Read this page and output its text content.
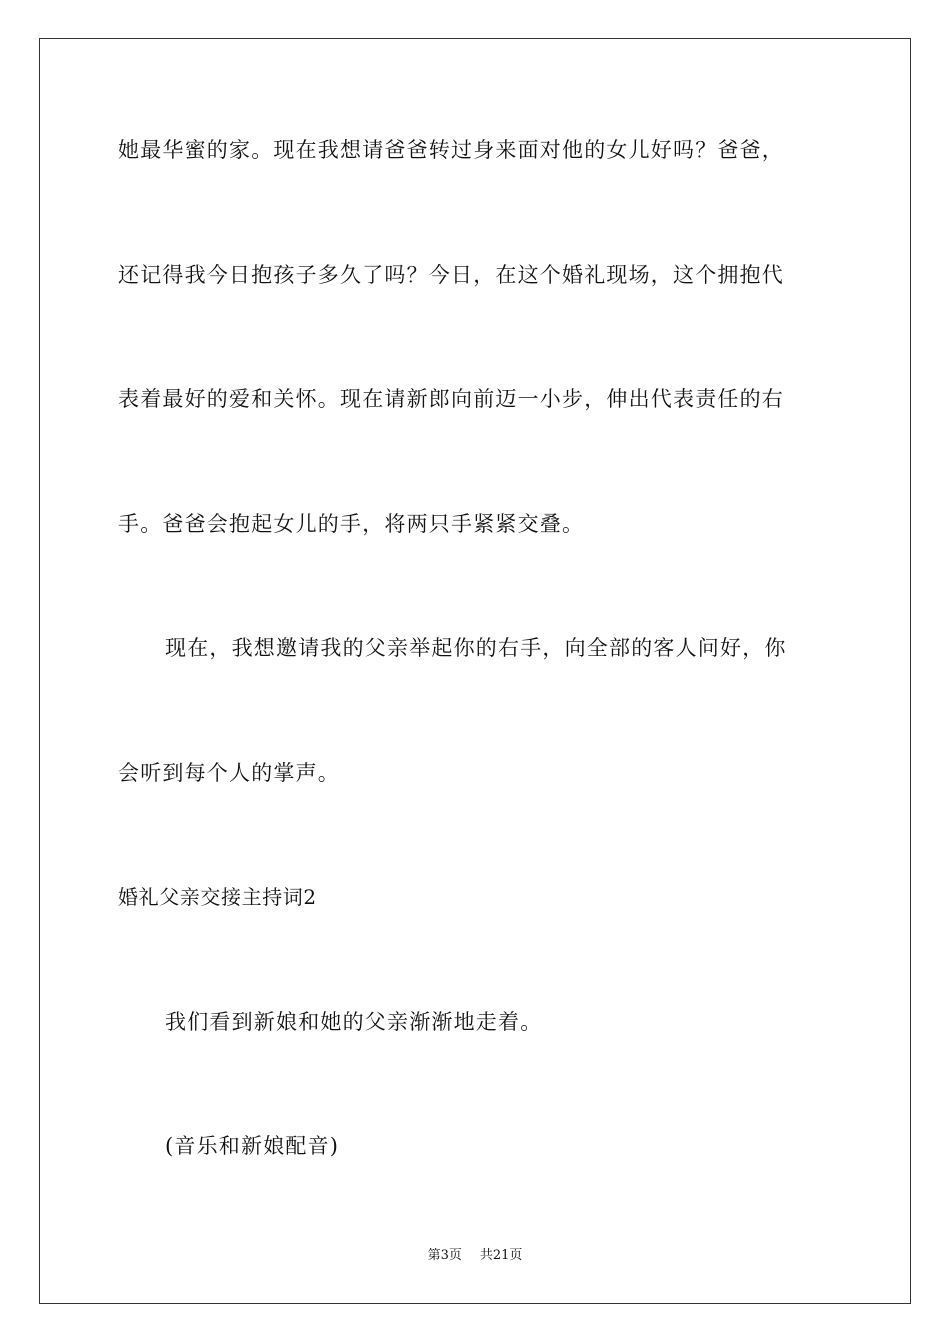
她最华蜜的家。现在我想请爸爸转过身来面对他的女儿好吗？爸爸，
还记得我今日抱孩子多久了吗？今日，在这个婚礼现场，这个拥抱代
表着最好的爱和关怀。现在请新郎向前迈一小步，伸出代表责任的右
手。爸爸会抱起女儿的手，将两只手紧紧交叠。
现在，我想邀请我的父亲举起你的右手，向全部的客人问好，你
会听到每个人的掌声。
婚礼父亲交接主持词2
我们看到新娘和她的父亲渐渐地走着。
(音乐和新娘配音)
第3页 共21页
